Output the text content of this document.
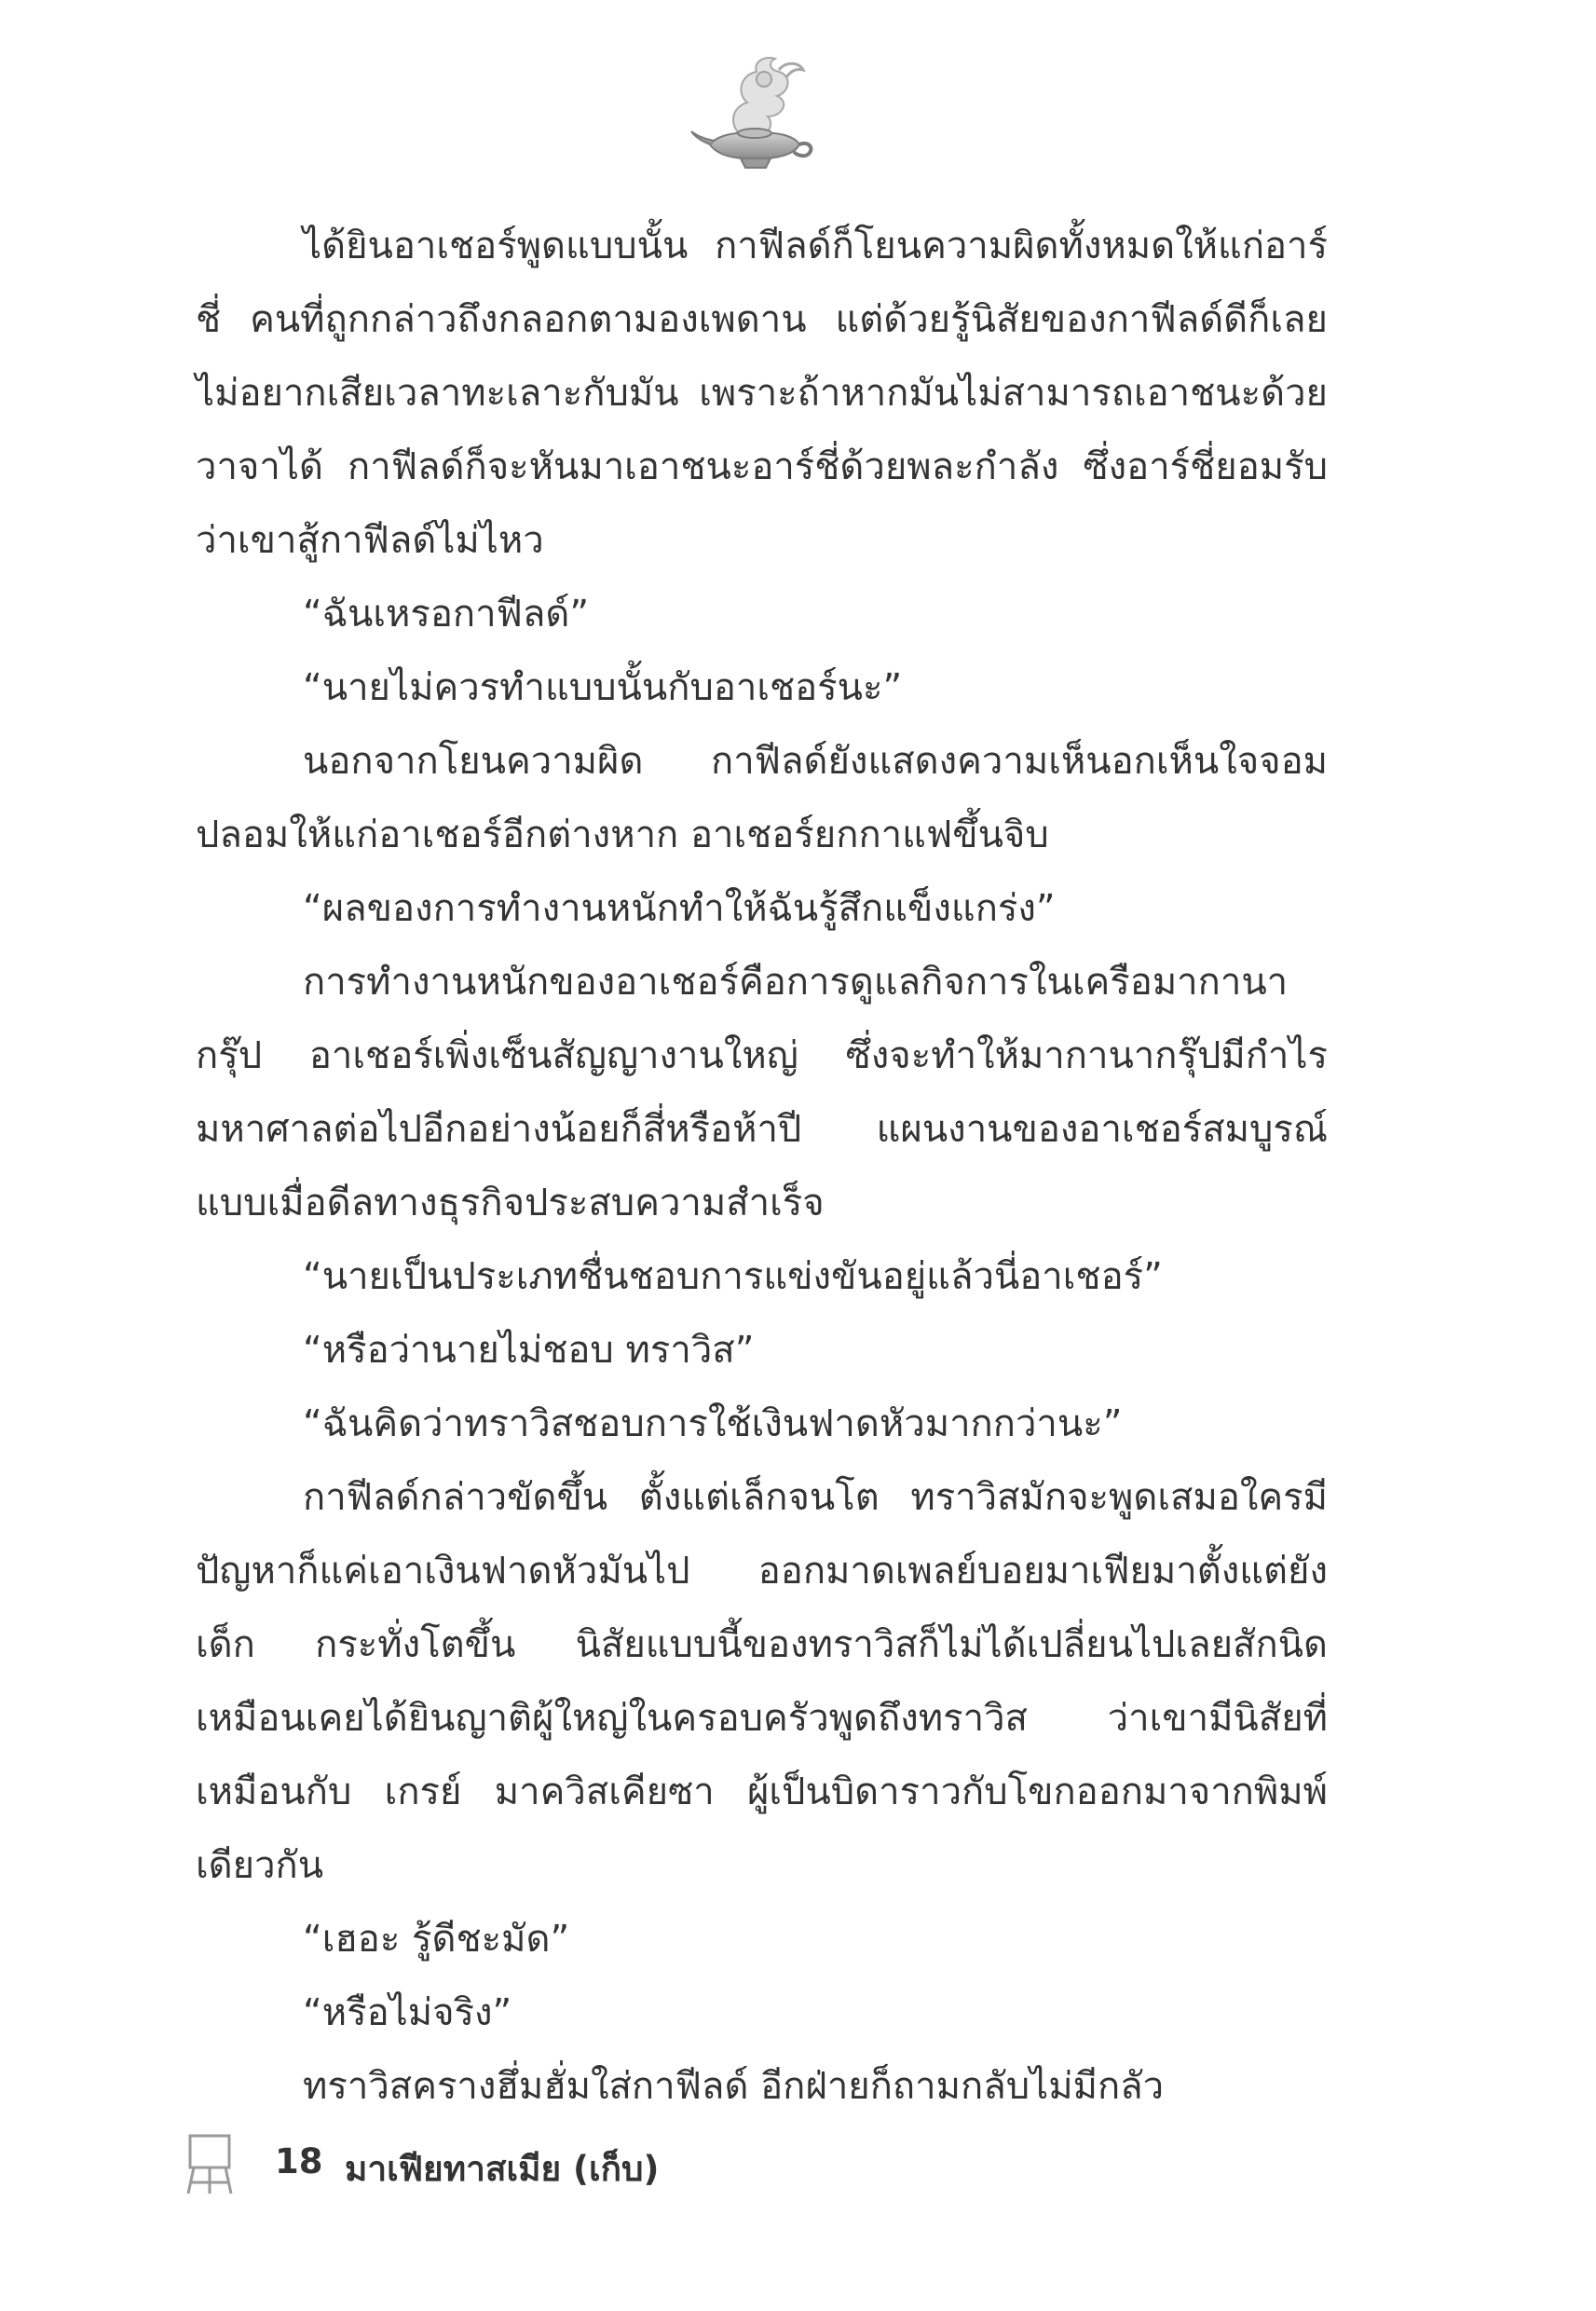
ได้ยินอาเชอร์พูดแบบนั้น กาฟีลด์ก็โยนความผิดทั้งหมดให้แก่อาร์ชี่ คนที่ถูกกล่าวถึงกลอกตามองเพดาน แต่ด้วยรู้นิสัยของกาฟีลด์ดีก็เลยไม่อยากเสียเวลาทะเลาะกับมัน เพราะถ้าหากมันไม่สามารถเอาชนะด้วยวาจาได้ กาฟีลด์ก็จะหันมาเอาชนะอาร์ชี่ด้วยพละกำลัง ซึ่งอาร์ชี่ยอมรับว่าเขาสู้กาฟีลด์ไม่ไหว

“ฉันเหรอกาฟีลด์”

“นายไม่ควรทำแบบนั้นกับอาเชอร์นะ”

นอกจากโยนความผิด กาฟีลด์ยังแสดงความเห็นอกเห็นใจจอมปลอมให้แก่อาเชอร์อีกต่างหาก อาเชอร์ยกกาแฟขึ้นจิบ

“ผลของการทำงานหนักทำให้ฉันรู้สึกแข็งแกร่ง”

การทำงานหนักของอาเชอร์คือการดูแลกิจการในเครือมากานากรุ๊ป อาเชอร์เพิ่งเซ็นสัญญางานใหญ่ ซึ่งจะทำให้มากานากรุ๊ปมีกำไรมหาศาลต่อไปอีกอย่างน้อยก็สี่หรือห้าปี แผนงานของอาเชอร์สมบูรณ์แบบเมื่อดีลทางธุรกิจประสบความสำเร็จ

“นายเป็นประเภทชื่นชอบการแข่งขันอยู่แล้วนี่อาเชอร์”

“หรือว่านายไม่ชอบ ทราวิส”

“ฉันคิดว่าทราวิสชอบการใช้เงินฟาดหัวมากกว่านะ”

กาฟีลด์กล่าวขัดขึ้น ตั้งแต่เล็กจนโต ทราวิสมักจะพูดเสมอใครมีปัญหาก็แค่เอาเงินฟาดหัวมันไป ออกมาดเพลย์บอยมาเฟียมาตั้งแต่ยังเด็ก กระทั่งโตขึ้น นิสัยแบบนี้ของทราวิสก็ไม่ได้เปลี่ยนไปเลยสักนิด เหมือนเคยได้ยินญาติผู้ใหญ่ในครอบครัวพูดถึงทราวิส ว่าเขามีนิสัยที่เหมือนกับ เกรย์ มาควิสเคียซา ผู้เป็นบิดาราวกับโขกออกมาจากพิมพ์เดียวกัน

“เฮอะ รู้ดีชะมัด”

“หรือไม่จริง”

ทราวิสครางฮึ่มฮั่มใส่กาฟีลด์ อีกฝ่ายก็ถามกลับไม่มีกลัว

18 มาเฟียทาสเมีย (เก็บ)
